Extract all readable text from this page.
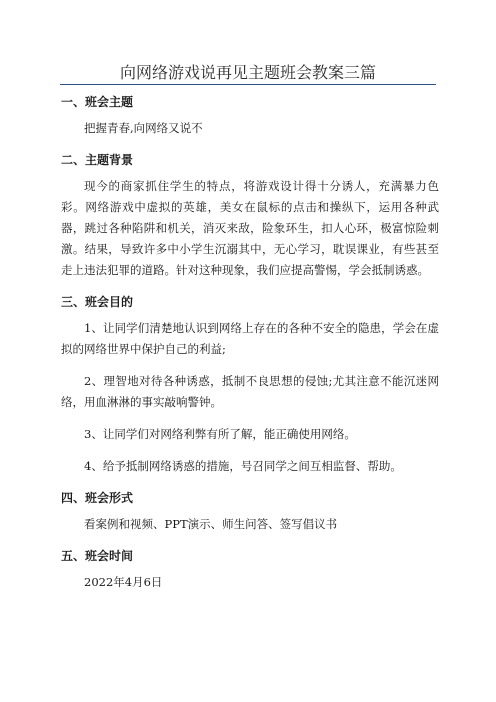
向网络游戏说再见主题班会教案三篇
一、班会主题

把握青春,向网络又说不

二、主题背景

现今的商家抓住学生的特点，将游戏设计得十分诱人，充满暴力色彩。网络游戏中虚拟的英雄，美女在鼠标的点击和操纵下，运用各种武器，跳过各种陷阱和机关，消灭来敌，险象环生，扣人心环，极富惊险刺激。结果，导致许多中小学生沉溺其中，无心学习，耽误课业，有些甚至走上违法犯罪的道路。针对这种现象，我们应提高警惕，学会抵制诱惑。

三、班会目的

1、让同学们清楚地认识到网络上存在的各种不安全的隐患，学会在虚拟的网络世界中保护自己的利益;

2、理智地对待各种诱惑，抵制不良思想的侵蚀;尤其注意不能沉迷网络，用血淋淋的事实敲响警钟。

3、让同学们对网络利弊有所了解，能正确使用网络。

4、给予抵制网络诱惑的措施，号召同学之间互相监督、帮助。

四、班会形式

看案例和视频、PPT演示、师生问答、签写倡议书

五、班会时间

2022年4月6日
